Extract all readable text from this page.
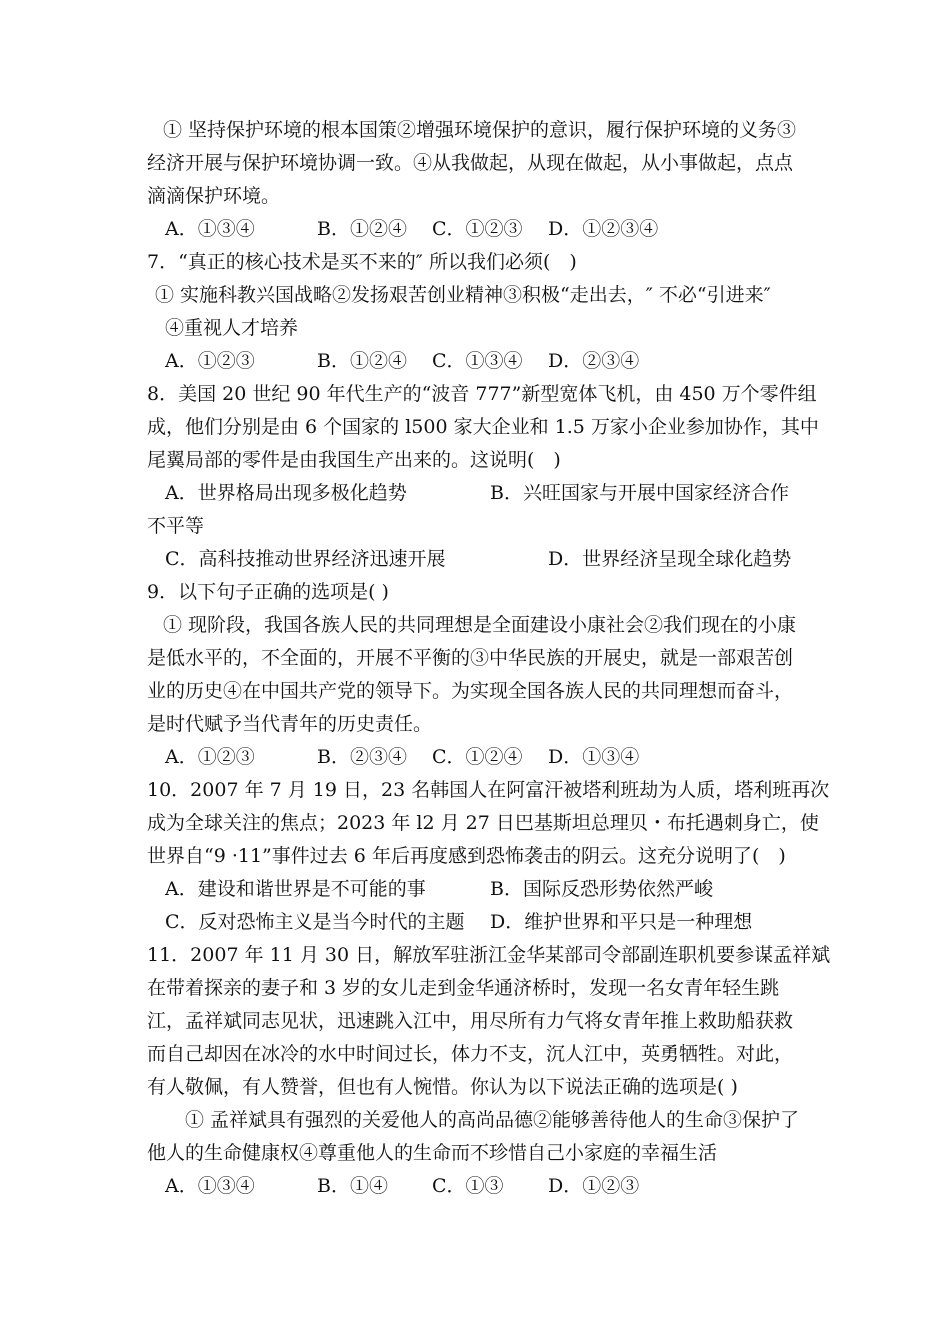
① 坚持保护环境的根本国策②增强环境保护的意识，履行保护环境的义务③
经济开展与保护环境协调一致。④从我做起，从现在做起，从小事做起，点点
滴滴保护环境。
A．①③④	B．①②④ C．①②③ D．①②③④
7．“真正的核心技术是买不来的″ 所以我们必须(　)
① 实施科教兴国战略②发扬艰苦创业精神③积极“走出去，″ 不必“引进来″
④重视人才培养
A．①②③	B．①②④ C．①③④ D．②③④
8．美国 20 世纪 90 年代生产的“波音 777”新型宽体飞机，由 450 万个零件组
成，他们分别是由 6 个国家的 l500 家大企业和 1.5 万家小企业参加协作，其中
尾翼局部的零件是由我国生产出来的。这说明(　)
A．世界格局出现多极化趋势	B．兴旺国家与开展中国家经济合作
不平等
C．高科技推动世界经济迅速开展	D．世界经济呈现全球化趋势
9．以下句子正确的选项是( )
① 现阶段，我国各族人民的共同理想是全面建设小康社会②我们现在的小康
是低水平的，不全面的，开展不平衡的③中华民族的开展史，就是一部艰苦创
业的历史④在中国共产党的领导下。为实现全国各族人民的共同理想而奋斗，
是时代赋予当代青年的历史责任。
A．①②③	B．②③④ C．①②④ D．①③④
10．2007 年 7 月 19 日，23 名韩国人在阿富汗被塔利班劫为人质，塔利班再次
成为全球关注的焦点；2023 年 l2 月 27 日巴基斯坦总理贝・布托遇刺身亡，使
世界自“9 ·11”事件过去 6 年后再度感到恐怖袭击的阴云。这充分说明了(　)
A．建设和谐世界是不可能的事	B．国际反恐形势依然严峻
C．反对恐怖主义是当今时代的主题 D．维护世界和平只是一种理想
11．2007 年 11 月 30 日，解放军驻浙江金华某部司令部副连职机要参谋孟祥斌
在带着探亲的妻子和 3 岁的女儿走到金华通济桥时，发现一名女青年轻生跳
江，孟祥斌同志见状，迅速跳入江中，用尽所有力气将女青年推上救助船获救
而自己却因在冰冷的水中时间过长，体力不支，沉人江中，英勇牺牲。对此，
有人敬佩，有人赞誉，但也有人惋惜。你认为以下说法正确的选项是( )
① 孟祥斌具有强烈的关爱他人的高尚品德②能够善待他人的生命③保护了
他人的生命健康权④尊重他人的生命而不珍惜自己小家庭的幸福生活
A．①③④	B．①④ C．①③ D．①②③
